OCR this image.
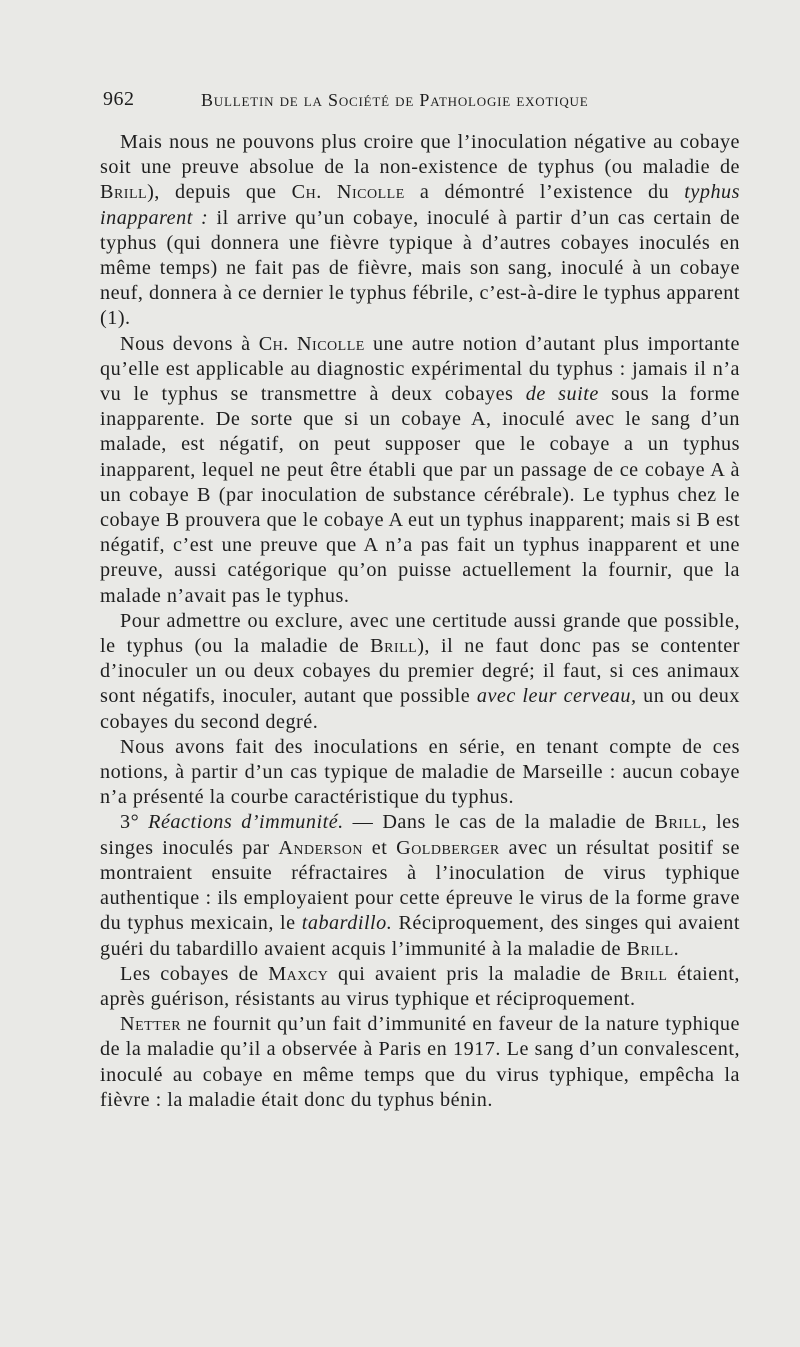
962	Bulletin de la Société de Pathologie exotique

Mais nous ne pouvons plus croire que l’inoculation négative au cobaye soit une preuve absolue de la non-existence de typhus (ou maladie de Brill), depuis que Ch. Nicolle a démontré l’existence du typhus inapparent : il arrive qu’un cobaye, inoculé à partir d’un cas certain de typhus (qui donnera une fièvre typique à d’autres cobayes inoculés en même temps) ne fait pas de fièvre, mais son sang, inoculé à un cobaye neuf, donnera à ce dernier le typhus fébrile, c’est-à-dire le typhus apparent (1).

Nous devons à Ch. Nicolle une autre notion d’autant plus importante qu’elle est applicable au diagnostic expérimental du typhus : jamais il n’a vu le typhus se transmettre à deux cobayes de suite sous la forme inapparente. De sorte que si un cobaye A, inoculé avec le sang d’un malade, est négatif, on peut supposer que le cobaye a un typhus inapparent, lequel ne peut être établi que par un passage de ce cobaye A à un cobaye B (par inoculation de substance cérébrale). Le typhus chez le cobaye B prouvera que le cobaye A eut un typhus inapparent; mais si B est négatif, c’est une preuve que A n’a pas fait un typhus inapparent et une preuve, aussi catégorique qu’on puisse actuellement la fournir, que la malade n’avait pas le typhus.

Pour admettre ou exclure, avec une certitude aussi grande que possible, le typhus (ou la maladie de Brill), il ne faut donc pas se contenter d’inoculer un ou deux cobayes du premier degré; il faut, si ces animaux sont négatifs, inoculer, autant que possible avec leur cerveau, un ou deux cobayes du second degré.

Nous avons fait des inoculations en série, en tenant compte de ces notions, à partir d’un cas typique de maladie de Marseille : aucun cobaye n’a présenté la courbe caractéristique du typhus.

3° Réactions d’immunité. — Dans le cas de la maladie de Brill, les singes inoculés par Anderson et Goldberger avec un résultat positif se montraient ensuite réfractaires à l’inoculation de virus typhique authentique : ils employaient pour cette épreuve le virus de la forme grave du typhus mexicain, le tabardillo. Réciproquement, des singes qui avaient guéri du tabardillo avaient acquis l’immunité à la maladie de Brill.

Les cobayes de Maxcy qui avaient pris la maladie de Brill étaient, après guérison, résistants au virus typhique et réciproquement.

Netter ne fournit qu’un fait d’immunité en faveur de la nature typhique de la maladie qu’il a observée à Paris en 1917. Le sang d’un convalescent, inoculé au cobaye en même temps que du virus typhique, empêcha la fièvre : la maladie était donc du typhus bénin.
